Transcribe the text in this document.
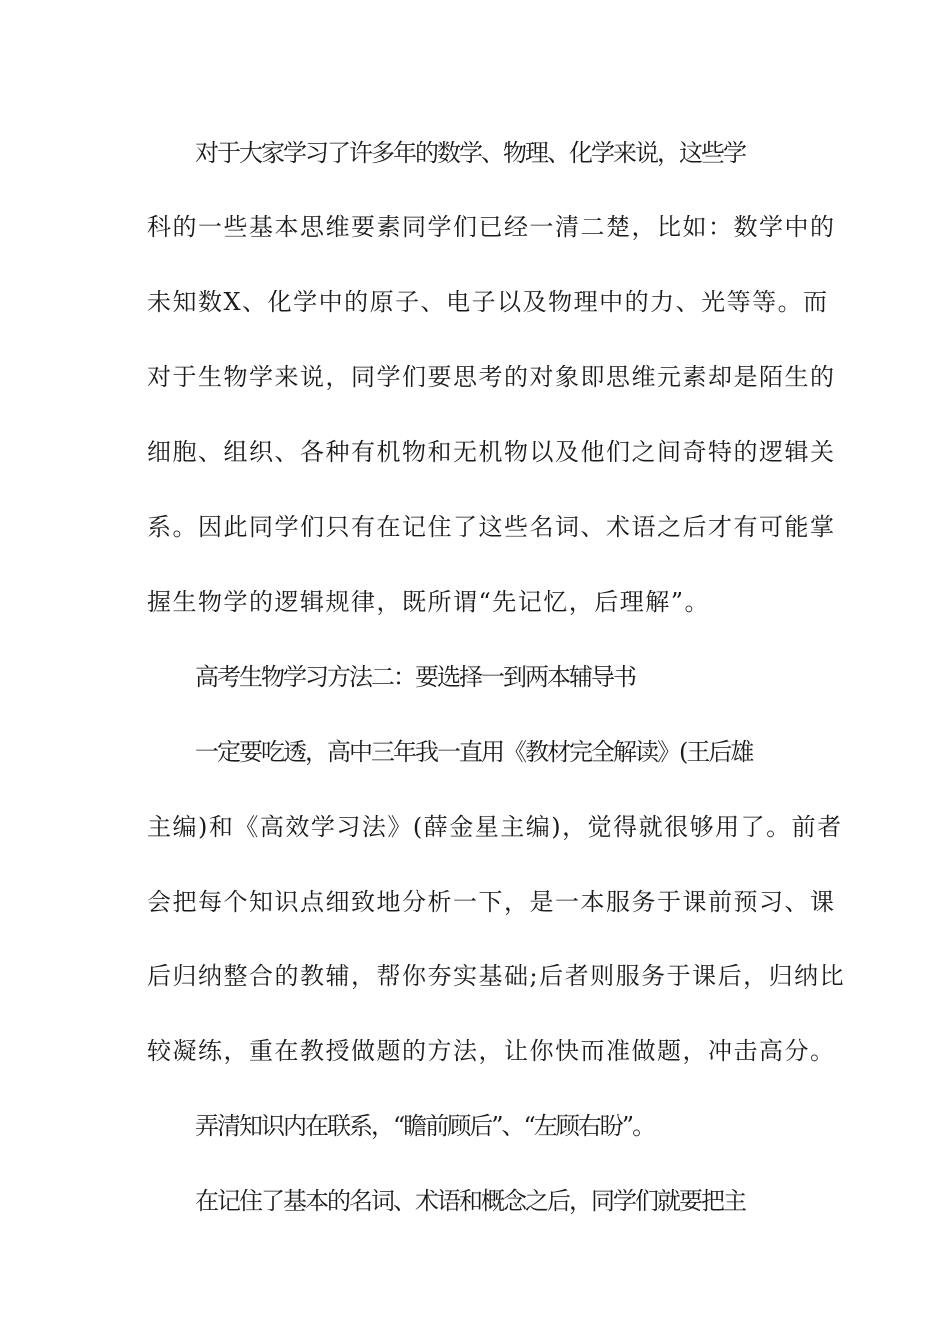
对于大家学习了许多年的数学、物理、化学来说，这些学
科的一些基本思维要素同学们已经一清二楚，比如：数学中的
未知数X、化学中的原子、电子以及物理中的力、光等等。而
对于生物学来说，同学们要思考的对象即思维元素却是陌生的
细胞、组织、各种有机物和无机物以及他们之间奇特的逻辑关
系。因此同学们只有在记住了这些名词、术语之后才有可能掌
握生物学的逻辑规律，既所谓“先记忆，后理解”。
高考生物学习方法二：要选择一到两本辅导书
一定要吃透，高中三年我一直用《教材完全解读》(王后雄
主编)和《高效学习法》(薛金星主编)，觉得就很够用了。前者
会把每个知识点细致地分析一下，是一本服务于课前预习、课
后归纳整合的教辅，帮你夯实基础;后者则服务于课后，归纳比
较凝练，重在教授做题的方法，让你快而准做题，冲击高分。
弄清知识内在联系，“瞻前顾后”、“左顾右盼”。
在记住了基本的名词、术语和概念之后，同学们就要把主
